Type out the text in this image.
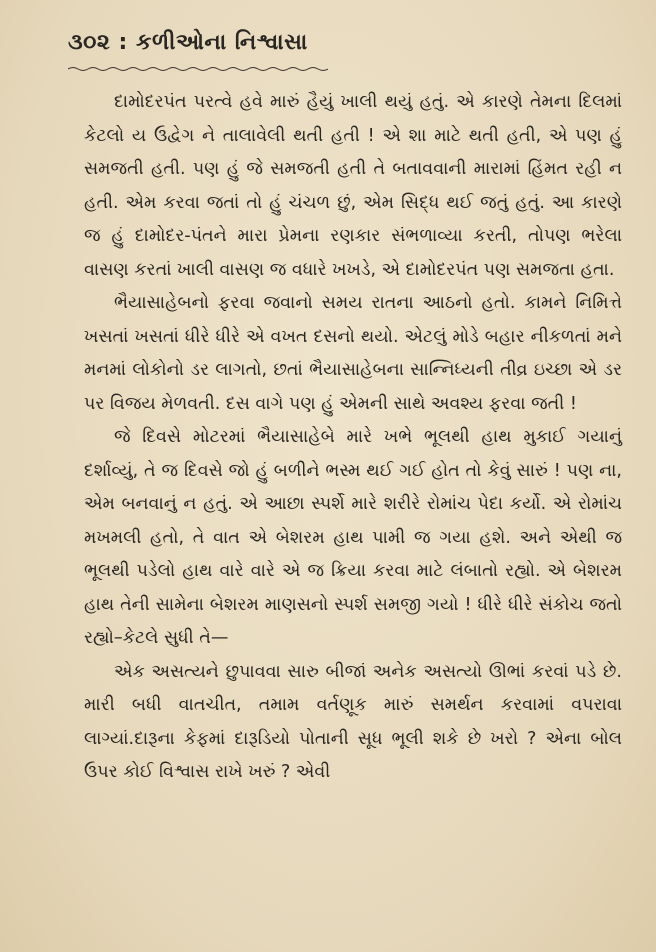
૩૦૨ : કળીઓના નિશ્વાસા

દામોદરપંત પરત્વે હવે મારું હૈયું ખાલી થયું હતું. એ કારણે તેમના દિલમાં કેટલો ય ઉદ્વેગ ને તાલાવેલી થતી હતી ! એ શા માટે થતી હતી, એ પણ હું સમજતી હતી. પણ હું જે સમજતી હતી તે બતાવવાની મારામાં હિંમત રહી ન હતી. એમ કરવા જતાં તો હું ચંચળ છું, એમ સિદ્ધ થઈ જતું હતું. આ કારણે જ હું દામોદર-પંતને મારા પ્રેમના રણકાર સંભળાવ્યા કરતી, તોપણ ભરેલા વાસણ કરતાં ખાલી વાસણ જ વધારે ખખડે, એ દામોદરપંત પણ સમજતા હતા.

ભૈયાસાહેબનો ફરવા જવાનો સમય રાતના આઠનો હતો. કામને નિમિત્તે ખસતાં ખસતાં ધીરે ધીરે એ વખત દસનો થયો. એટલું મોડે બહાર નીકળતાં મને મનમાં લોકોનો ડર લાગતો, છતાં ભૈયાસાહેબના સાન્નિધ્યની તીવ્ર ઇચ્છા એ ડર પર વિજય મેળવતી. દસ વાગે પણ હું એમની સાથે અવશ્ય ફરવા જતી !

જે દિવસે મોટરમાં ભૈયાસાહેબે મારે ખભે ભૂલથી હાથ મુકાઈ ગયાનું દર્શાવ્યું, તે જ દિવસે જો હું બળીને ભસ્મ થઈ ગઈ હોત તો કેવું સારું ! પણ ના, એમ બનવાનું ન હતું. એ આછા સ્પર્શે મારે શરીરે રોમાંચ પેદા કર્યો. એ રોમાંચ મખમલી હતો, તે વાત એ બેશરમ હાથ પામી જ ગયા હશે. અને એથી જ ભૂલથી પડેલો હાથ વારે વારે એ જ ક્રિયા કરવા માટે લંબાતો રહ્યો. એ બેશરમ હાથ તેની સામેના બેશરમ માણસનો સ્પર્શ સમજી ગયો ! ધીરે ધીરે સંકોચ જતો રહ્યો–કેટલે સુધી તે—

એક અસત્યને છુપાવવા સારુ બીજાં અનેક અસત્યો ઊભાં કરવાં પડે છે. મારી બધી વાતચીત, તમામ વર્તણૂક મારું સમર્થન કરવામાં વપરાવા લાગ્યાં.દારૂના કેફમાં દારૂડિયો પોતાની સૂધ ભૂલી શકે છે ખરો ? એના બોલ ઉપર કોઈ વિશ્વાસ રાખે ખરું ? એવી
